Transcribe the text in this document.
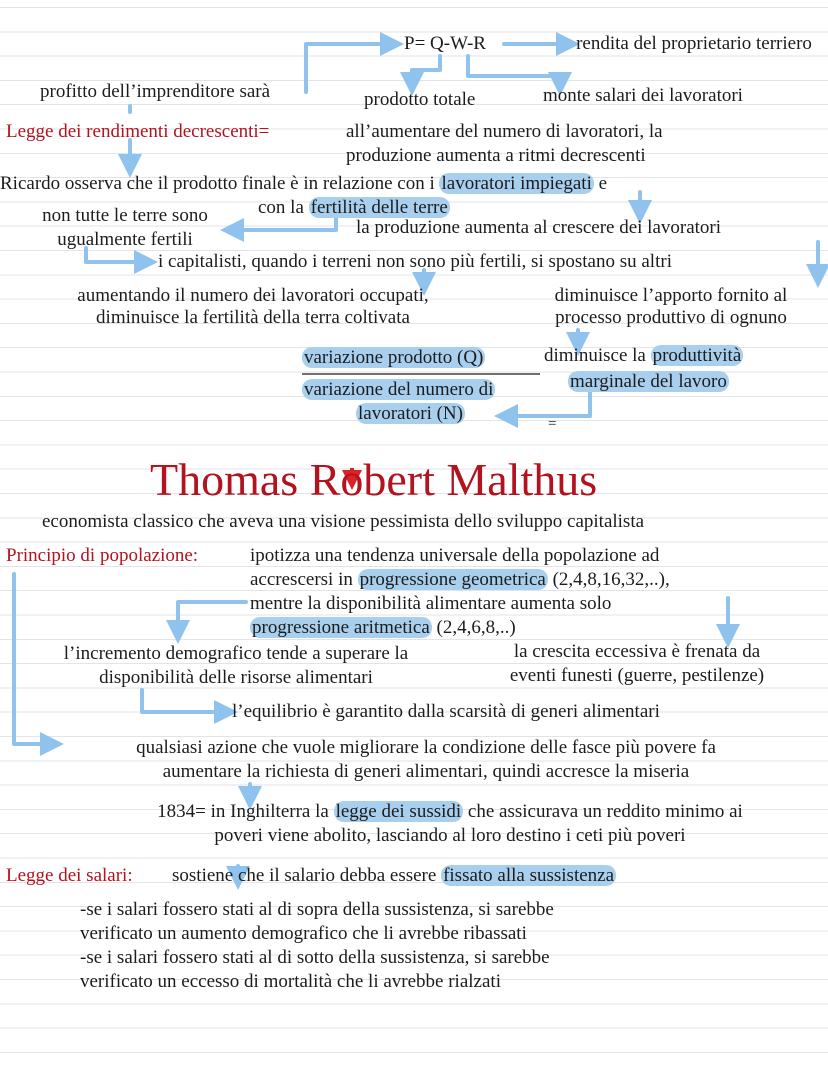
P= Q-W-R	rendita del proprietario terriero
profitto dell’imprenditore sarà	prodotto totale	monte salari dei lavoratori
Legge dei rendimenti decrescenti=	all’aumentare del numero di lavoratori, la
produzione aumenta a ritmi decrescenti
Ricardo osserva che il prodotto finale è in relazione con i lavoratori impiegati e
non tutte le terre sono
ugualmente fertili
con la fertilità delle terre
la produzione aumenta al crescere dei lavoratori
i capitalisti, quando i terreni non sono più fertili, si spostano su altri
aumentando il numero dei lavoratori occupati,
diminuisce la fertilità della terra coltivata
diminuisce l’apporto fornito al
processo produttivo di ognuno
variazione prodotto (Q)
variazione del numero di
lavoratori (N)
diminuisce la produttività
marginale del lavoro
=
Thomas Robert Malthus
economista classico che aveva una visione pessimista dello sviluppo capitalista
Principio di popolazione:	ipotizza una tendenza universale della popolazione ad
accrescersi in progressione geometrica (2,4,8,16,32,..),
mentre la disponibilità alimentare aumenta solo
progressione aritmetica (2,4,6,8,..)
l’incremento demografico tende a superare la
disponibilità delle risorse alimentari
la crescita eccessiva è frenata da
eventi funesti (guerre, pestilenze)
l’equilibrio è garantito dalla scarsità di generi alimentari
qualsiasi azione che vuole migliorare la condizione delle fasce più povere fa
aumentare la richiesta di generi alimentari, quindi accresce la miseria
1834= in Inghilterra la legge dei sussidi che assicurava un reddito minimo ai
poveri viene abolito, lasciando al loro destino i ceti più poveri
Legge dei salari: sostiene che il salario debba essere fissato alla sussistenza
-se i salari fossero stati al di sopra della sussistenza, si sarebbe
verificato un aumento demografico che li avrebbe ribassati
-se i salari fossero stati al di sotto della sussistenza, si sarebbe
verificato un eccesso di mortalità che li avrebbe rialzati
